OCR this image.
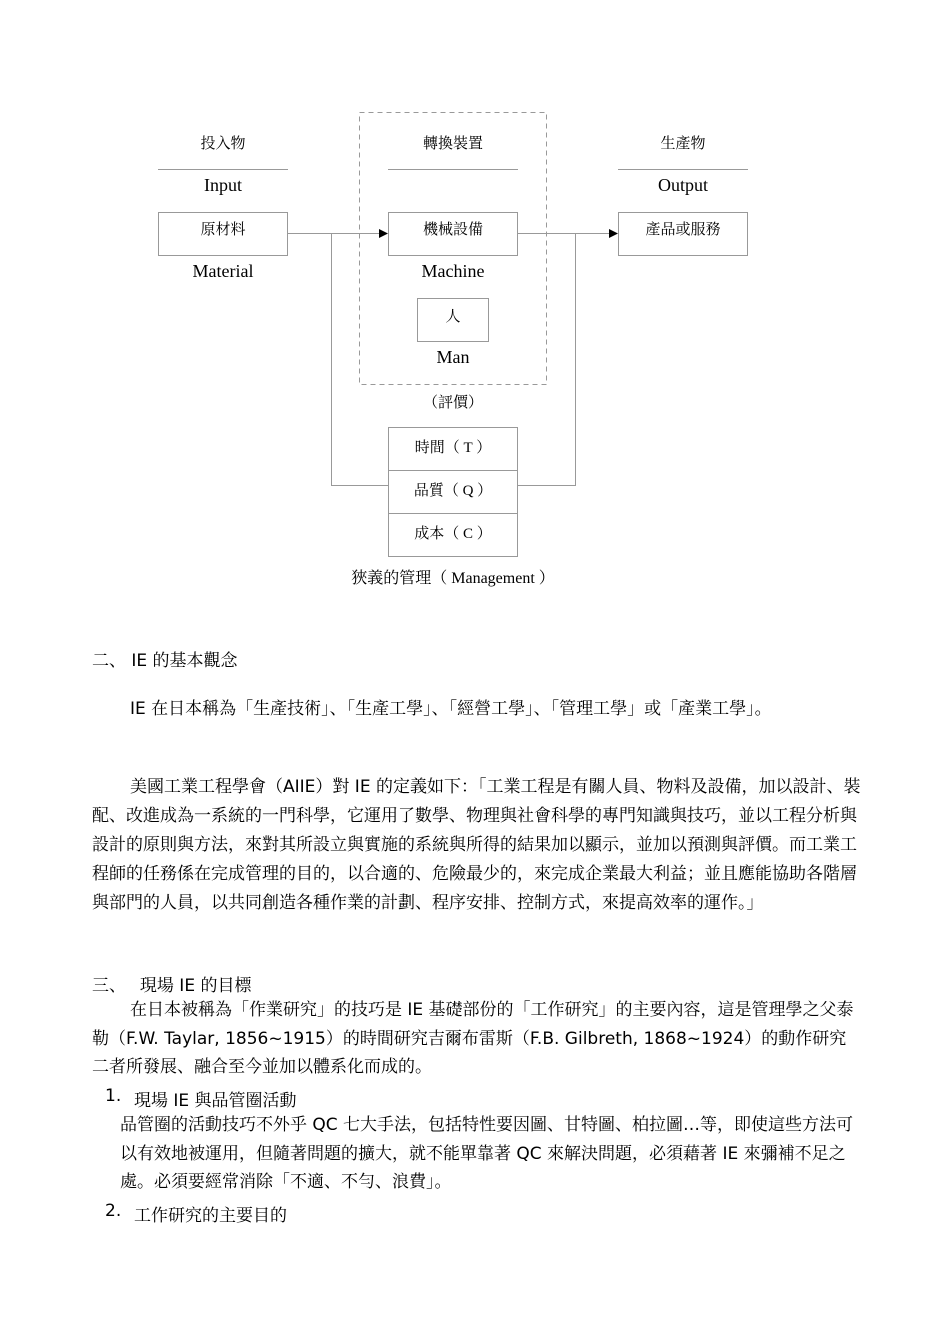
投入物
Input
轉換裝置	生產物
Output
原材料	機械設備	產品或服務
人
Material	Machine
Man
（評價）
時間（ T ）
品質（ Q ）
成本（ C ）
狹義的管理（ Management ）
二、 IE 的基本觀念
IE 在日本稱為「生產技術」、「生產工學」、「經營工學」、「管理工學」或「產業工學」。
美國工業工程學會（AIIE）對 IE 的定義如下：「工業工程是有關人員、物料及設備，加以設計、裝配、改進成為一系統的一門科學，它運用了數學、物理與社會科學的專門知識與技巧，並以工程分析與設計的原則與方法，來對其所設立與實施的系統與所得的結果加以顯示，並加以預測與評價。而工業工程師的任務係在完成管理的目的，以合適的、危險最少的，來完成企業最大利益；並且應能協助各階層與部門的人員，以共同創造各種作業的計劃、程序安排、控制方式，來提高效率的運作。」
三、　 現場 IE 的目標
在日本被稱為「作業研究」的技巧是 IE 基礎部份的「工作研究」的主要內容，這是管理學之父泰勒（F.W. Taylar, 1856~1915）的時間研究吉爾布雷斯（F.B. Gilbreth, 1868~1924）的動作研究二者所發展、融合至今並加以體系化而成的。
1. 現場 IE 與品管圈活動
品管圈的活動技巧不外乎 QC 七大手法，包括特性要因圖、甘特圖、柏拉圖…等，即使這些方法可以有效地被運用，但隨著問題的擴大，就不能單靠著 QC 來解決問題，必須藉著 IE 來彌補不足之處。必須要經常消除「不適、不勻、浪費」。
2. 工作研究的主要目的
